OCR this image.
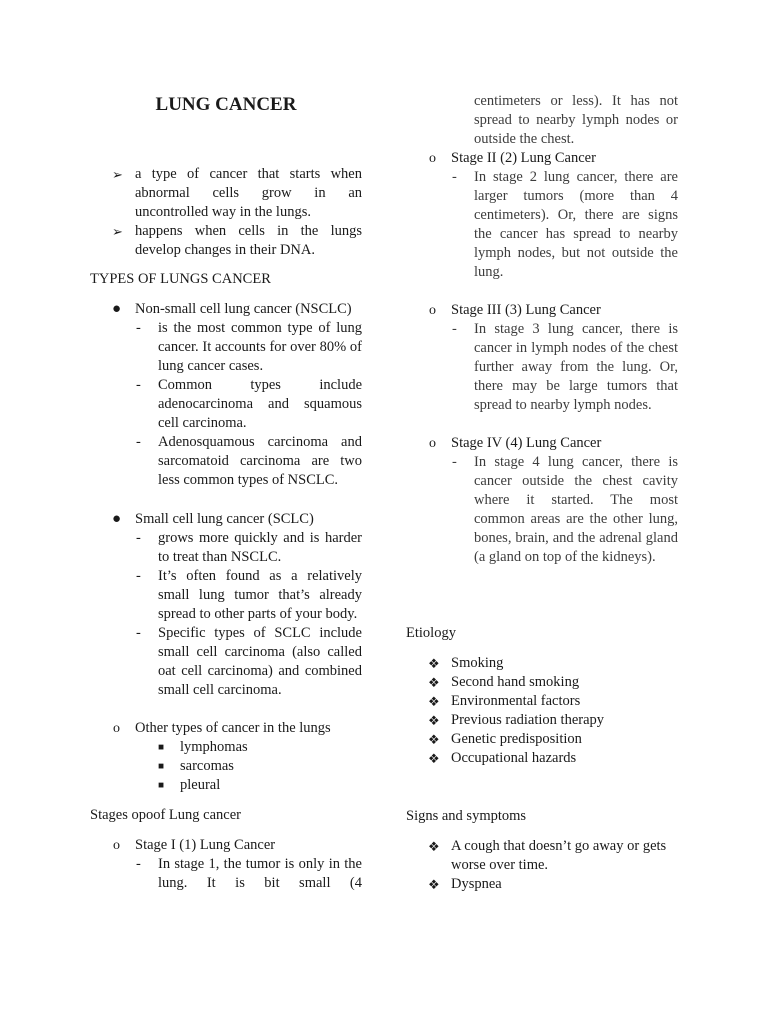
LUNG CANCER
➢ a type of cancer that starts when abnormal cells grow in an uncontrolled way in the lungs.
➢ happens when cells in the lungs develop changes in their DNA.

TYPES OF LUNGS CANCER

● Non-small cell lung cancer (NSCLC)
- is the most common type of lung cancer. It accounts for over 80% of lung cancer cases.
- Common types include adenocarcinoma and squamous cell carcinoma.
- Adenosquamous carcinoma and sarcomatoid carcinoma are two less common types of NSCLC.
● Small cell lung cancer (SCLC)
- grows more quickly and is harder to treat than NSCLC.
- It’s often found as a relatively small lung tumor that’s already spread to other parts of your body.
- Specific types of SCLC include small cell carcinoma (also called oat cell carcinoma) and combined small cell carcinoma.
o Other types of cancer in the lungs
■ lymphomas
■ sarcomas
■ pleural

Stages opoof Lung cancer

o Stage I (1) Lung Cancer
- In stage 1, the tumor is only in the lung. It is bit small (4
centimeters or less). It has not spread to nearby lymph nodes or outside the chest.
o Stage II (2) Lung Cancer
- In stage 2 lung cancer, there are larger tumors (more than 4 centimeters). Or, there are signs the cancer has spread to nearby lymph nodes, but not outside the lung.
o Stage III (3) Lung Cancer
- In stage 3 lung cancer, there is cancer in lymph nodes of the chest further away from the lung. Or, there may be large tumors that spread to nearby lymph nodes.
o Stage IV (4) Lung Cancer
- In stage 4 lung cancer, there is cancer outside the chest cavity where it started. The most common areas are the other lung, bones, brain, and the adrenal gland (a gland on top of the kidneys).

Etiology

❖ Smoking
❖ Second hand smoking
❖ Environmental factors
❖ Previous radiation therapy
❖ Genetic predisposition
❖ Occupational hazards

Signs and symptoms

❖ A cough that doesn’t go away or gets worse over time.
❖ Dyspnea
